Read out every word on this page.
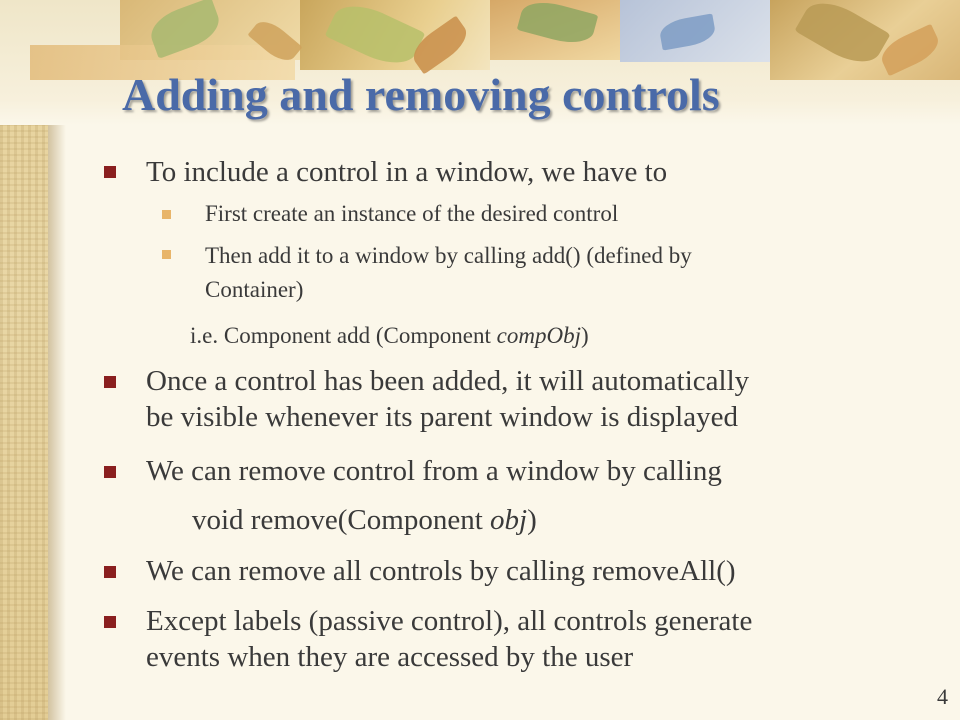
Adding and removing controls
To include a control in a window, we have to
First create an instance of the desired control
Then add it to a window by calling add() (defined by
Container)
i.e. Component add (Component compObj)
Once a control has been added, it will automatically
be visible whenever its parent window is displayed
We can remove control from a window by calling
void remove(Component obj)
We can remove all controls by calling removeAll()
Except labels (passive control), all controls generate
events when they are accessed by the user
4
